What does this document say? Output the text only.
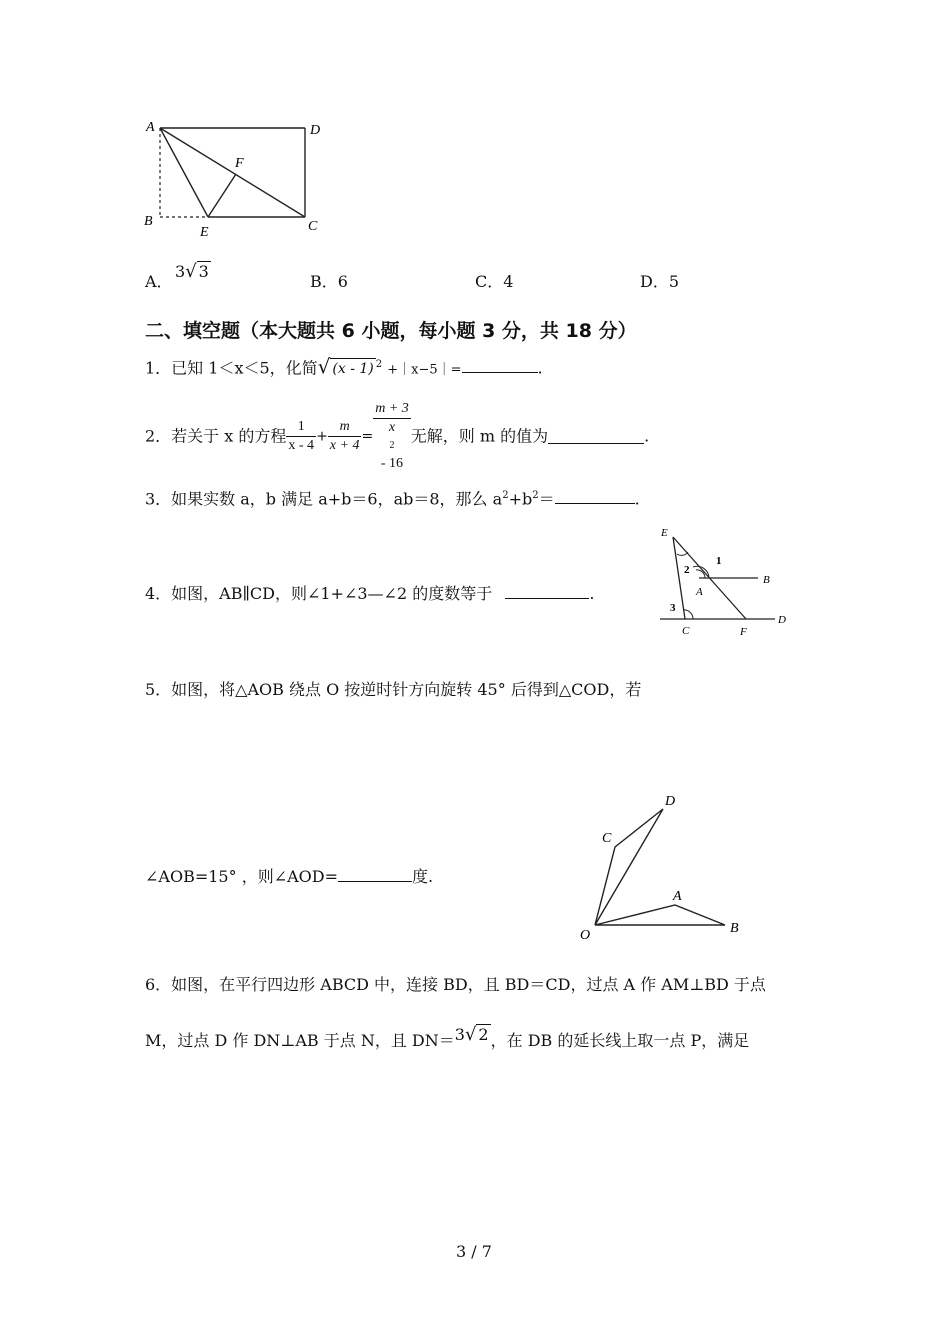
A	D
B	C
E
F
A．
3√ 3
B．6	C．4	D．5
二、填空题（本大题共 6 小题，每小题 3 分，共 18 分）
1．已知 1＜x＜5，化简√ (x - 1) $^2$ +｜x−5｜=	.
2．若关于 x 的方程 $\frac{1}{x - 4} + \frac{m}{x + 4} = m + 3$
x
2
- 16 无解，则 m 的值为	.
3．如果实数 a，b 满足 a+b＝6，ab＝8，那么 $a^2+b^2=$	.
4．如图，AB∥CD，则∠1+∠3—∠2 的度数等于	.
E
1
2
A
B
3
C	F
D
5．如图，将△AOB 绕点 O 按逆时针方向旋转 45° 后得到△COD，若
∠AOB=15° ，则∠AOD=	度.
D
C
A
O	B
6．如图，在平行四边形 ABCD 中，连接 BD，且 BD＝CD，过点 A 作 AM⊥BD 于点
M，过点 D 作 DN⊥AB 于点 N，且 DN＝3√ 2 ，在 DB 的延长线上取一点 P，满足
3 / 7
